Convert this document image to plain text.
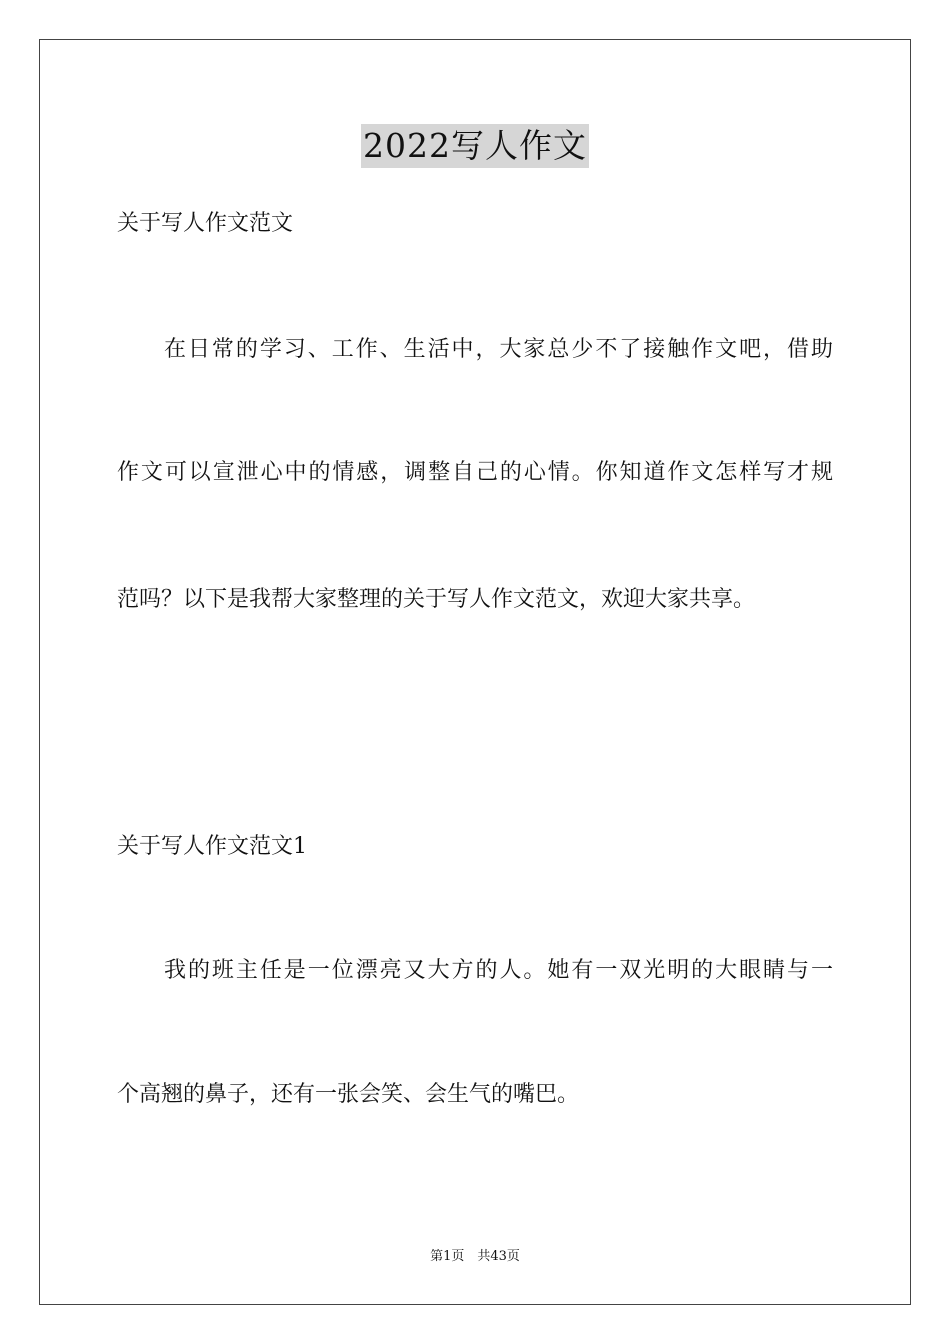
2022写人作文
关于写人作文范文
在日常的学习、工作、生活中，大家总少不了接触作文吧，借助
作文可以宣泄心中的情感，调整自己的心情。你知道作文怎样写才规
范吗？以下是我帮大家整理的关于写人作文范文，欢迎大家共享。
关于写人作文范文1
我的班主任是一位漂亮又大方的人。她有一双光明的大眼睛与一
个高翘的鼻子，还有一张会笑、会生气的嘴巴。
第1页　共43页
